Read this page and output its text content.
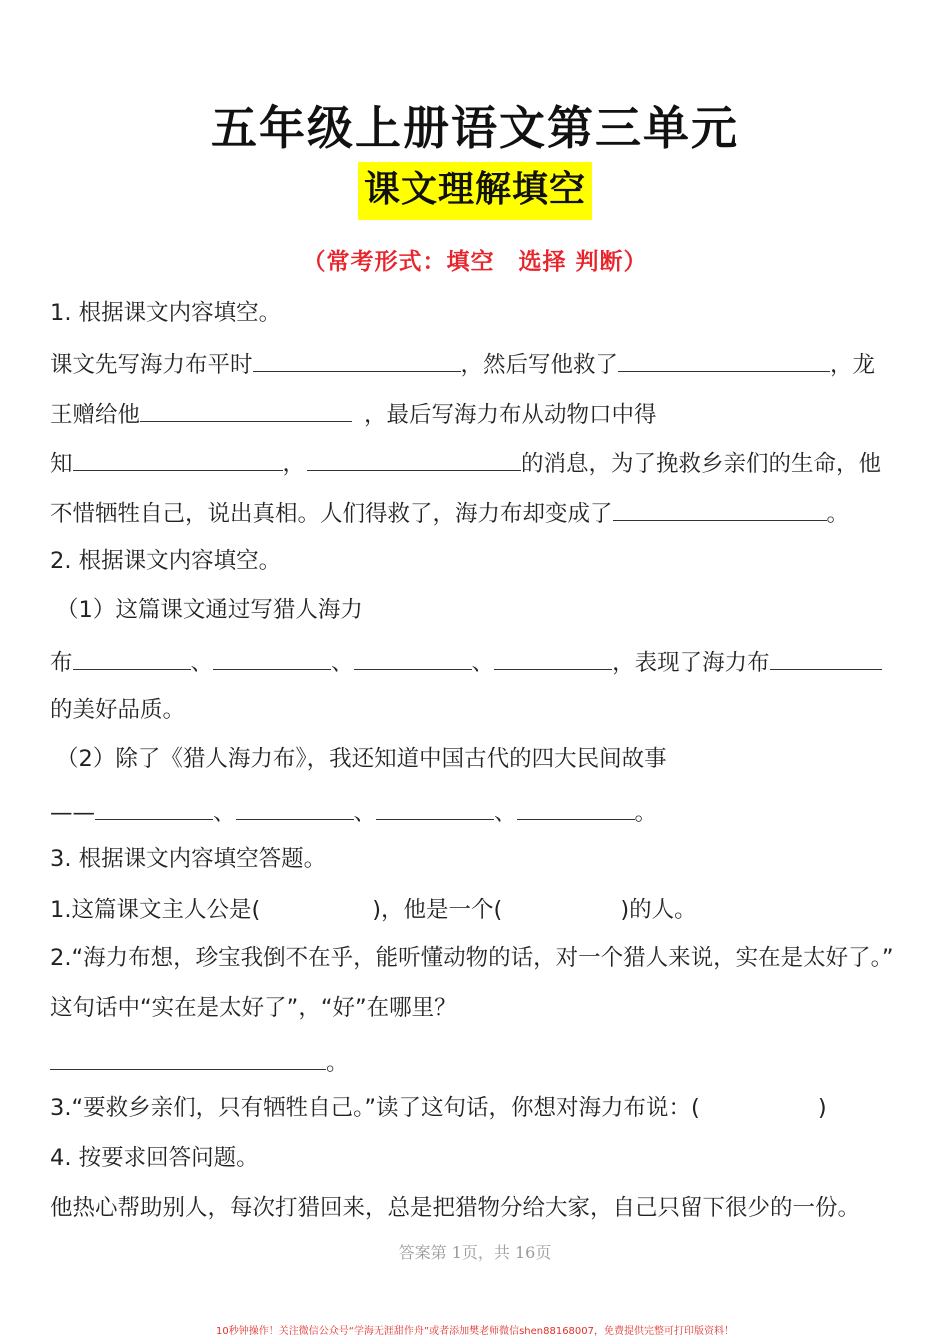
五年级上册语文第三单元
课文理解填空
（常考形式：填空　选择 判断）
1. 根据课文内容填空。
课文先写海力布平时	，然后写他救了	，龙
王赠给他	，最后写海力布从动物口中得
知	，	的消息，为了挽救乡亲们的生命，他
不惜牺牲自己，说出真相。人们得救了，海力布却变成了	。
2. 根据课文内容填空。
（1）这篇课文通过写猎人海力
布	、	、	、	，表现了海力布
的美好品质。
（2）除了《猎人海力布》，我还知道中国古代的四大民间故事
——	、	、	、	。
3. 根据课文内容填空答题。
1.这篇课文主人公是(	)，他是一个(	)的人。
2.“海力布想，珍宝我倒不在乎，能听懂动物的话，对一个猎人来说，实在是太好了。”
这句话中“实在是太好了”，“好”在哪里？
。
3.“要救乡亲们，只有牺牲自己。”读了这句话，你想对海力布说：(	)
4. 按要求回答问题。
他热心帮助别人，每次打猎回来，总是把猎物分给大家，自己只留下很少的一份。
答案第 1页，共 16页
10秒钟操作！关注微信公众号“学海无涯甜作舟”或者添加樊老师微信shen88168007，免费提供完整可打印版资料！
